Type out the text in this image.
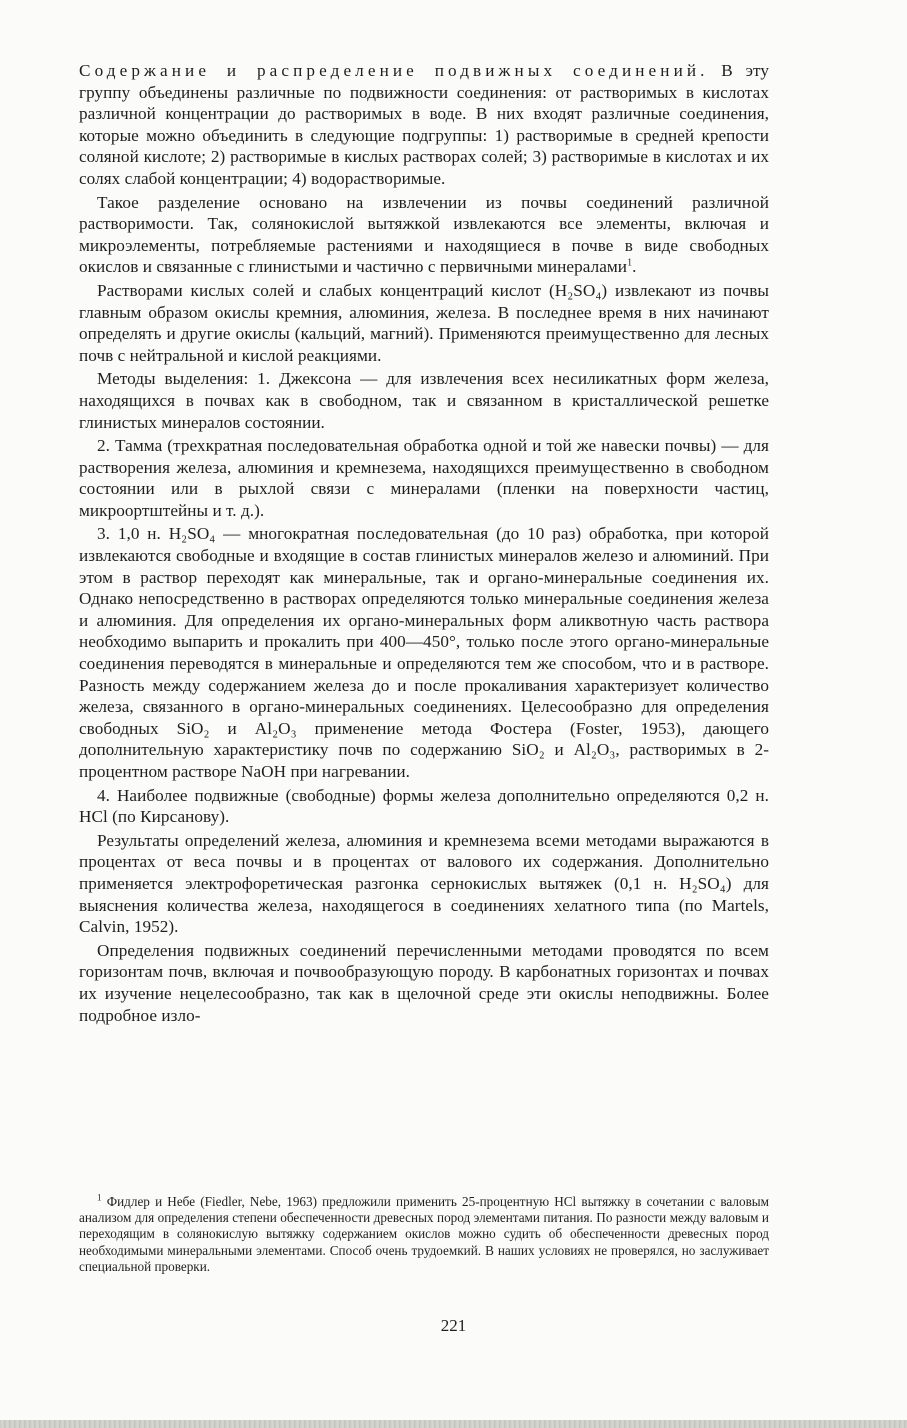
Содержание и распределение подвижных соединений. В эту группу объединены различные по подвижности соединения: от растворимых в кислотах различной концентрации до растворимых в воде. В них входят различные соединения, которые можно объединить в следующие подгруппы: 1) растворимые в средней крепости соляной кислоте; 2) растворимые в кислых растворах солей; 3) растворимые в кислотах и их солях слабой концентрации; 4) водорастворимые.

Такое разделение основано на извлечении из почвы соединений различной растворимости. Так, солянокислой вытяжкой извлекаются все элементы, включая и микроэлементы, потребляемые растениями и находящиеся в почве в виде свободных окислов и связанные с глинистыми и частично с первичными минералами$^1$.

Растворами кислых солей и слабых концентраций кислот (H₂SO₄) извлекают из почвы главным образом окислы кремния, алюминия, железа. В последнее время в них начинают определять и другие окислы (кальций, магний). Применяются преимущественно для лесных почв с нейтральной и кислой реакциями.

Методы выделения: 1. Джексона — для извлечения всех несиликатных форм железа, находящихся в почвах как в свободном, так и связанном в кристаллической решетке глинистых минералов состоянии.

2. Тамма (трехкратная последовательная обработка одной и той же навески почвы) — для растворения железа, алюминия и кремнезема, находящихся преимущественно в свободном состоянии или в рыхлой связи с минералами (пленки на поверхности частиц, микроортштейны и т. д.).

3. 1,0 н. H₂SO₄ — многократная последовательная (до 10 раз) обработка, при которой извлекаются свободные и входящие в состав глинистых минералов железо и алюминий. При этом в раствор переходят как минеральные, так и органо-минеральные соединения их. Однако непосредственно в растворах определяются только минеральные соединения железа и алюминия. Для определения их органо-минеральных форм аликвотную часть раствора необходимо выпарить и прокалить при 400—450°, только после этого органо-минеральные соединения переводятся в минеральные и определяются тем же способом, что и в растворе. Разность между содержанием железа до и после прокаливания характеризует количество железа, связанного в органо-минеральных соединениях. Целесообразно для определения свободных SiO₂ и Al₂O₃ применение метода Фостера (Foster, 1953), дающего дополнительную характеристику почв по содержанию SiO₂ и Al₂O₃, растворимых в 2-процентном растворе NaOH при нагревании.

4. Наиболее подвижные (свободные) формы железа дополнительно определяются 0,2 н. HCl (по Кирсанову).

Результаты определений железа, алюминия и кремнезема всеми методами выражаются в процентах от веса почвы и в процентах от валового их содержания. Дополнительно применяется электрофоретическая разгонка сернокислых вытяжек (0,1 н. H₂SO₄) для выяснения количества железа, находящегося в соединениях хелатного типа (по Martels, Calvin, 1952).

Определения подвижных соединений перечисленными методами проводятся по всем горизонтам почв, включая и почвообразующую породу. В карбонатных горизонтах и почвах их изучение нецелесообразно, так как в щелочной среде эти окислы неподвижны. Более подробное изло-

$^1$ Фидлер и Небе (Fiedler, Nebe, 1963) предложили применить 25-процентную HCl вытяжку в сочетании с валовым анализом для определения степени обеспеченности древесных пород элементами питания. По разности между валовым и переходящим в солянокислую вытяжку содержанием окислов можно судить об обеспеченности древесных пород необходимыми минеральными элементами. Способ очень трудоемкий. В наших условиях не проверялся, но заслуживает специальной проверки.
221
